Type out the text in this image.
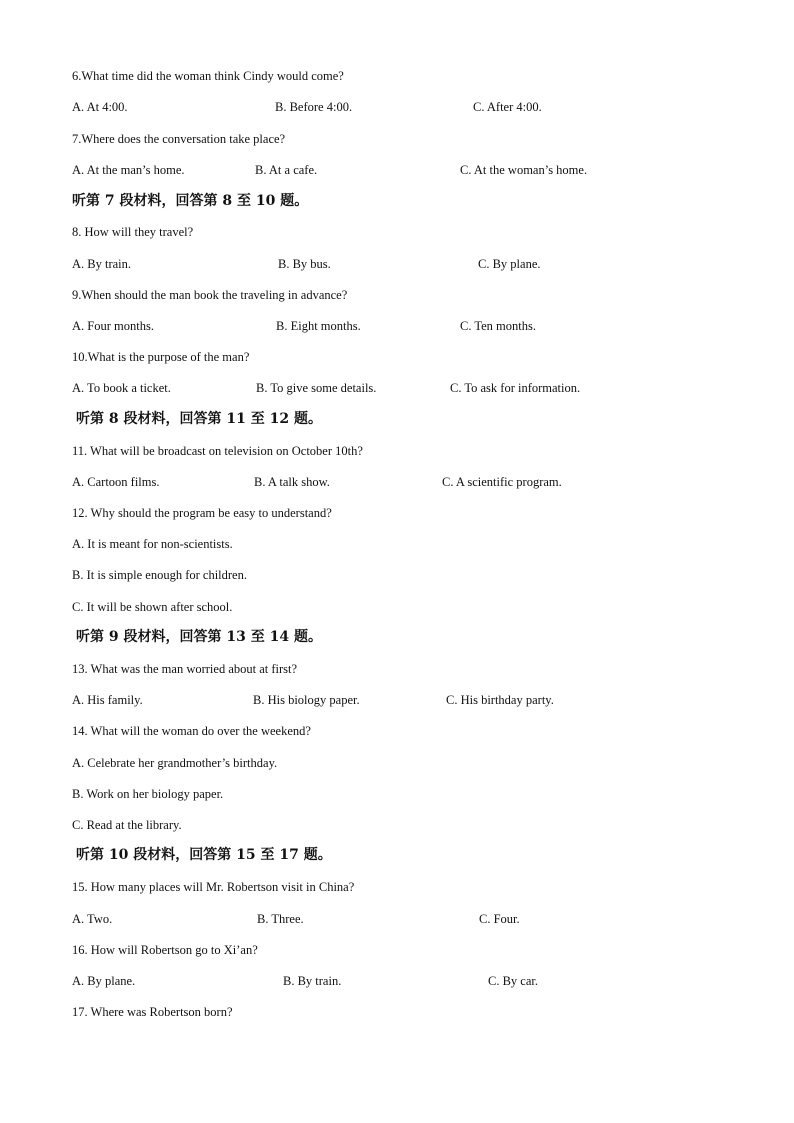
6.What time did the woman think Cindy would come?
A. At 4:00.	B. Before 4:00.	C. After 4:00.
7.Where does the conversation take place?
A. At the man’s home.	B. At a cafe.	C. At the woman’s home.
听第 7 段材料，回答第 8 至 10 题。
8. How will they travel?
A. By train.	B. By bus.	C. By plane.
9.When should the man book the traveling in advance?
A. Four months.	B. Eight months.	C. Ten months.
10.What is the purpose of the man?
A. To book a ticket.	B. To give some details.	C. To ask for information.
听第 8 段材料，回答第 11 至 12 题。
11. What will be broadcast on television on October 10th?
A. Cartoon films.	B. A talk show.	C. A scientific program.
12. Why should the program be easy to understand?
A. It is meant for non-scientists.
B. It is simple enough for children.
C. It will be shown after school.
听第 9 段材料，回答第 13 至 14 题。
13. What was the man worried about at first?
A. His family.	B. His biology paper.	C. His birthday party.
14. What will the woman do over the weekend?
A. Celebrate her grandmother’s birthday.
B. Work on her biology paper.
C. Read at the library.
听第 10 段材料，回答第 15 至 17 题。
15. How many places will Mr. Robertson visit in China?
A. Two.	B. Three.	C. Four.
16. How will Robertson go to Xi’an?
A. By plane.	B. By train.	C. By car.
17. Where was Robertson born?
